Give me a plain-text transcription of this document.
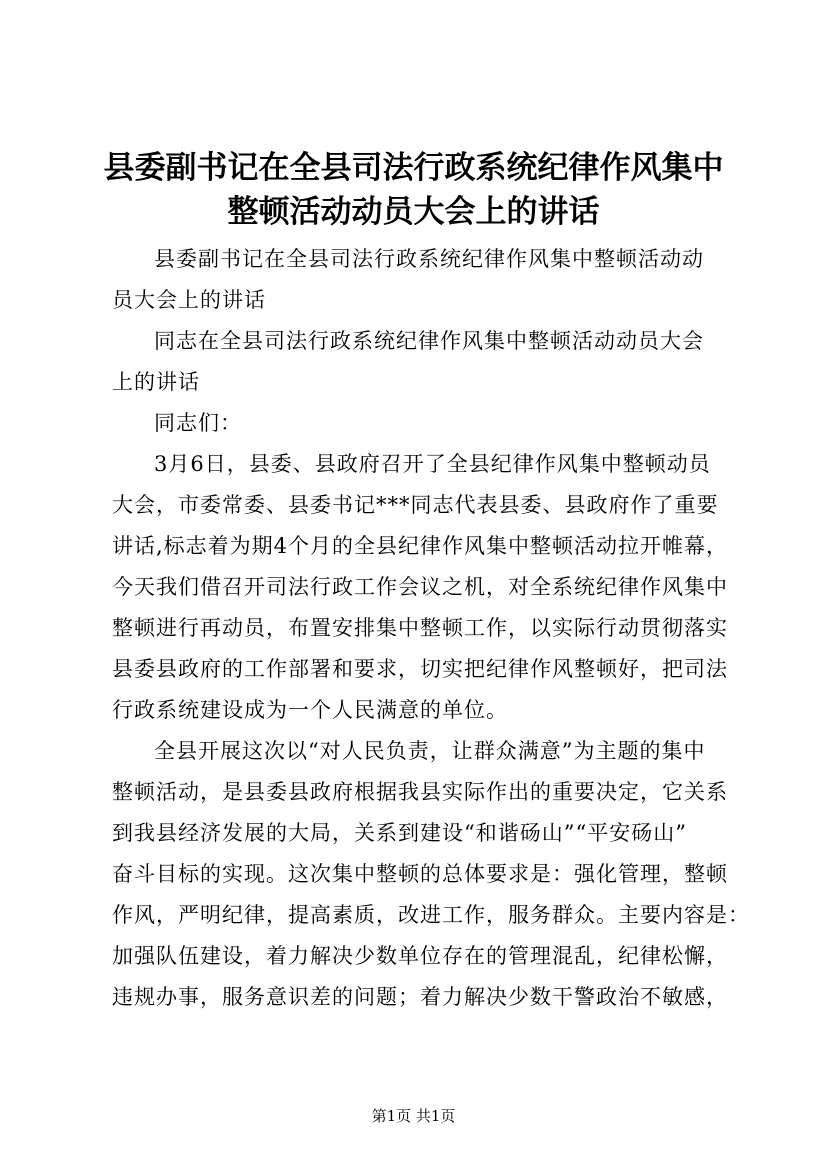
县委副书记在全县司法行政系统纪律作风集中
整顿活动动员大会上的讲话

县委副书记在全县司法行政系统纪律作风集中整顿活动动
员大会上的讲话

同志在全县司法行政系统纪律作风集中整顿活动动员大会
上的讲话

同志们：

3月6日，县委、县政府召开了全县纪律作风集中整顿动员
大会，市委常委、县委书记***同志代表县委、县政府作了重要
讲话,标志着为期4个月的全县纪律作风集中整顿活动拉开帷幕，
今天我们借召开司法行政工作会议之机，对全系统纪律作风集中
整顿进行再动员，布置安排集中整顿工作，以实际行动贯彻落实
县委县政府的工作部署和要求，切实把纪律作风整顿好，把司法
行政系统建设成为一个人民满意的单位。

全县开展这次以“对人民负责，让群众满意”为主题的集中
整顿活动，是县委县政府根据我县实际作出的重要决定，它关系
到我县经济发展的大局，关系到建设“和谐砀山”“平安砀山”
奋斗目标的实现。这次集中整顿的总体要求是：强化管理，整顿
作风，严明纪律，提高素质，改进工作，服务群众。主要内容是：
加强队伍建设，着力解决少数单位存在的管理混乱，纪律松懈，
违规办事，服务意识差的问题；着力解决少数干警政治不敏感，

第1页 共1页
